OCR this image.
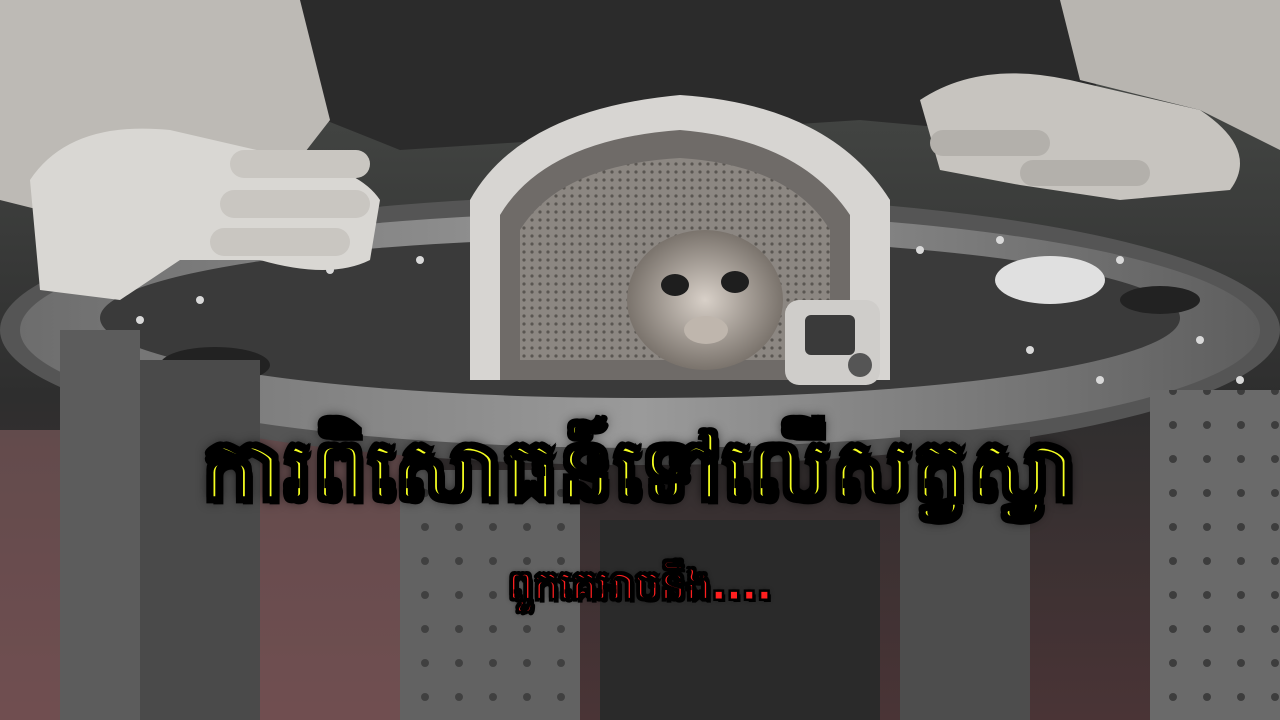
ការពិសោធន៍ទៅលើសត្វស្វា
ពួកគេអាចនឹង....
